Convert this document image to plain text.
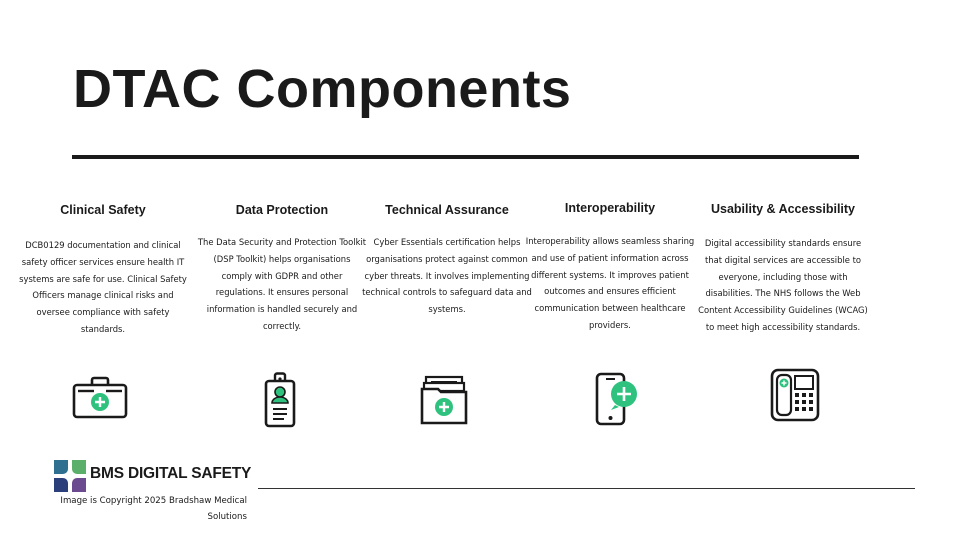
DTAC Components
Clinical Safety

DCB0129 documentation and clinical safety officer services ensure health IT systems are safe for use. Clinical Safety Officers manage clinical risks and oversee compliance with safety standards.

Data Protection

The Data Security and Protection Toolkit (DSP Toolkit) helps organisations comply with GDPR and other regulations. It ensures personal information is handled securely and correctly.

Technical Assurance

Cyber Essentials certification helps organisations protect against common cyber threats. It involves implementing technical controls to safeguard data and systems.

Interoperability

Interoperability allows seamless sharing and use of patient information across different systems. It improves patient outcomes and ensures efficient communication between healthcare providers.

Usability & Accessibility

Digital accessibility standards ensure that digital services are accessible to everyone, including those with disabilities. The NHS follows the Web Content Accessibility Guidelines (WCAG) to meet high accessibility standards.

BMS DIGITAL SAFETY
Image is Copyright 2025 Bradshaw Medical Solutions
